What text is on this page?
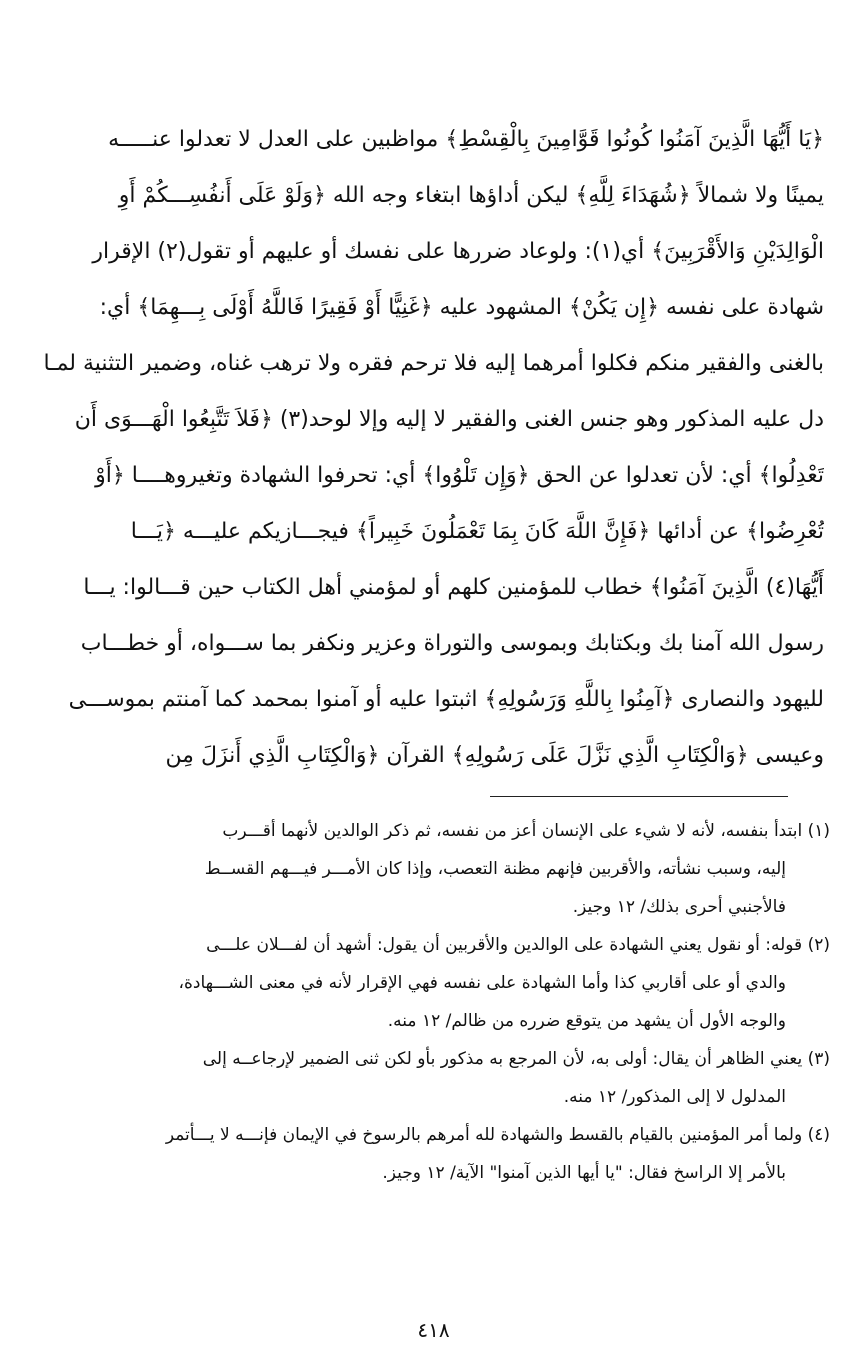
﴿يَا أَيُّهَا الَّذِينَ آمَنُوا كُونُوا قَوَّامِينَ بِالْقِسْطِ﴾ مواظبين على العدل لا تعدلوا عنـــــه
يمينًا ولا شمالاً ﴿شُهَدَاءَ لِلَّهِ﴾ ليكن أداؤها ابتغاء وجه الله ﴿وَلَوْ عَلَى أَنفُسِـــكُمْ أَوِ
الْوَالِدَيْنِ وَالأَقْرَبِينَ﴾ أي(١): ولوعاد ضررها على نفسك أو عليهم أو تقول(٢) الإقرار
شهادة على نفسه ﴿إِن يَكُنْ﴾ المشهود عليه ﴿غَنِيًّا أَوْ فَقِيرًا فَاللَّهُ أَوْلَى بِـــهِمَا﴾ أي:
بالغنى والفقير منكم فكلوا أمرهما إليه فلا ترحم فقره ولا ترهب غناه، وضمير التثنية لمـا
دل عليه المذكور وهو جنس الغنى والفقير لا إليه وإلا لوحد(٣) ﴿فَلاَ تَتَّبِعُوا الْهَـــوَى أَن
تَعْدِلُوا﴾ أي: لأن تعدلوا عن الحق ﴿وَإِن تَلْوُوا﴾ أي: تحرفوا الشهادة وتغيروهــــا ﴿أَوْ
تُعْرِضُوا﴾ عن أدائها ﴿فَإِنَّ اللَّهَ كَانَ بِمَا تَعْمَلُونَ خَبِيراً﴾ فيجـــازيكم عليـــه ﴿يَـــا
أَيُّهَا(٤) الَّذِينَ آمَنُوا﴾ خطاب للمؤمنين كلهم أو لمؤمني أهل الكتاب حين قـــالوا: يـــا
رسول الله آمنا بك وبكتابك وبموسى والتوراة وعزير ونكفر بما ســـواه، أو خطـــاب
لليهود والنصارى ﴿آمِنُوا بِاللَّهِ وَرَسُولِهِ﴾ اثبتوا عليه أو آمنوا بمحمد كما آمنتم بموســـى
وعيسى ﴿وَالْكِتَابِ الَّذِي نَزَّلَ عَلَى رَسُولِهِ﴾ القرآن ﴿وَالْكِتَابِ الَّذِي أَنزَلَ مِن
(١) ابتدأ بنفسه، لأنه لا شيء على الإنسان أعز من نفسه، ثم ذكر الوالدين لأنهما أقـــرب
إليه، وسبب نشأته، والأقربين فإنهم مظنة التعصب، وإذا كان الأمـــر فيـــهم القســط
فالأجنبي أحرى بذلك/ ١٢ وجيز.
(٢) قوله: أو نقول يعني الشهادة على الوالدين والأقربين أن يقول: أشهد أن لفـــلان علـــى
والدي أو على أقاربي كذا وأما الشهادة على نفسه فهي الإقرار لأنه في معنى الشـــهادة،
والوجه الأول أن يشهد من يتوقع ضرره من ظالم/ ١٢ منه.
(٣) يعني الظاهر أن يقال: أولى به، لأن المرجع به مذكور بأو لكن ثنى الضمير لإرجاعــه إلى
المدلول لا إلى المذكور/ ١٢ منه.
(٤) ولما أمر المؤمنين بالقيام بالقسط والشهادة لله أمرهم بالرسوخ في الإيمان فإنـــه لا يـــأتمر
بالأمر إلا الراسخ فقال: "يا أيها الذين آمنوا" الآية/ ١٢ وجيز.
٤١٨
